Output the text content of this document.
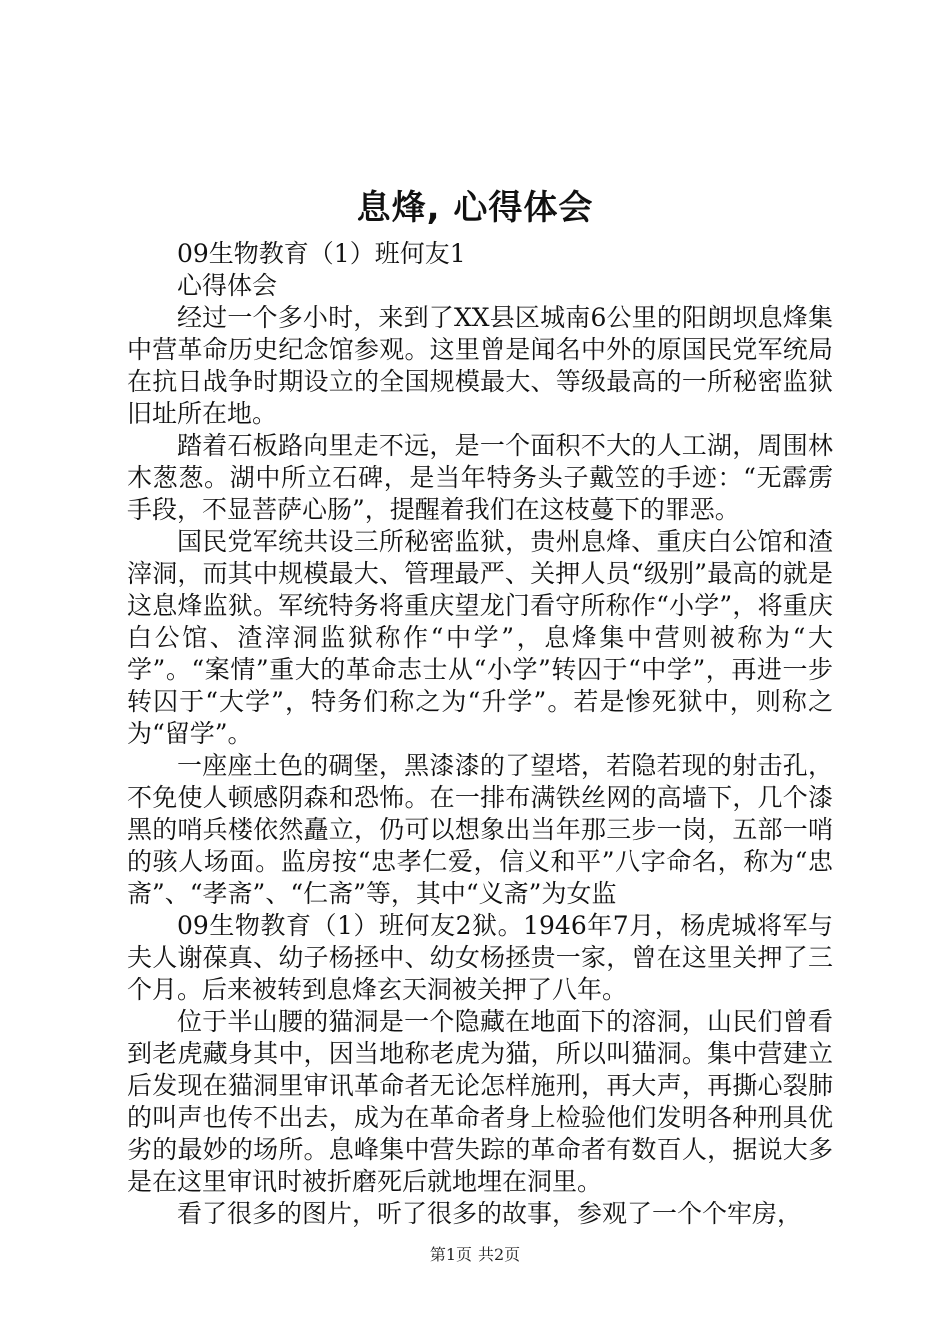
息烽, 心得体会

09生物教育（1）班何友1

心得体会

经过一个多小时，来到了XX县区城南6公里的阳朗坝息烽集中营革命历史纪念馆参观。这里曾是闻名中外的原国民党军统局在抗日战争时期设立的全国规模最大、等级最高的一所秘密监狱旧址所在地。

踏着石板路向里走不远，是一个面积不大的人工湖，周围林木葱葱。湖中所立石碑，是当年特务头子戴笠的手迹：“无霹雳手段，不显菩萨心肠”，提醒着我们在这枝蔓下的罪恶。

国民党军统共设三所秘密监狱，贵州息烽、重庆白公馆和渣滓洞，而其中规模最大、管理最严、关押人员“级别”最高的就是这息烽监狱。军统特务将重庆望龙门看守所称作“小学”，将重庆白公馆、渣滓洞监狱称作“中学”，息烽集中营则被称为“大学”。“案情”重大的革命志士从“小学”转囚于“中学”，再进一步转囚于“大学”，特务们称之为“升学”。若是惨死狱中，则称之为“留学”。

一座座土色的碉堡，黑漆漆的了望塔，若隐若现的射击孔，不免使人顿感阴森和恐怖。在一排布满铁丝网的高墙下，几个漆黑的哨兵楼依然矗立，仍可以想象出当年那三步一岗，五部一哨的骇人场面。监房按“忠孝仁爱，信义和平”八字命名，称为“忠斋”、“孝斋”、“仁斋”等，其中“义斋”为女监

09生物教育（1）班何友2狱。1946年7月，杨虎城将军与夫人谢葆真、幼子杨拯中、幼女杨拯贵一家，曾在这里关押了三个月。后来被转到息烽玄天洞被关押了八年。

位于半山腰的猫洞是一个隐藏在地面下的溶洞，山民们曾看到老虎藏身其中，因当地称老虎为猫，所以叫猫洞。集中营建立后发现在猫洞里审讯革命者无论怎样施刑，再大声，再撕心裂肺的叫声也传不出去，成为在革命者身上检验他们发明各种刑具优劣的最妙的场所。息峰集中营失踪的革命者有数百人，据说大多是在这里审讯时被折磨死后就地埋在洞里。

看了很多的图片，听了很多的故事，参观了一个个牢房，

第1页 共2页
